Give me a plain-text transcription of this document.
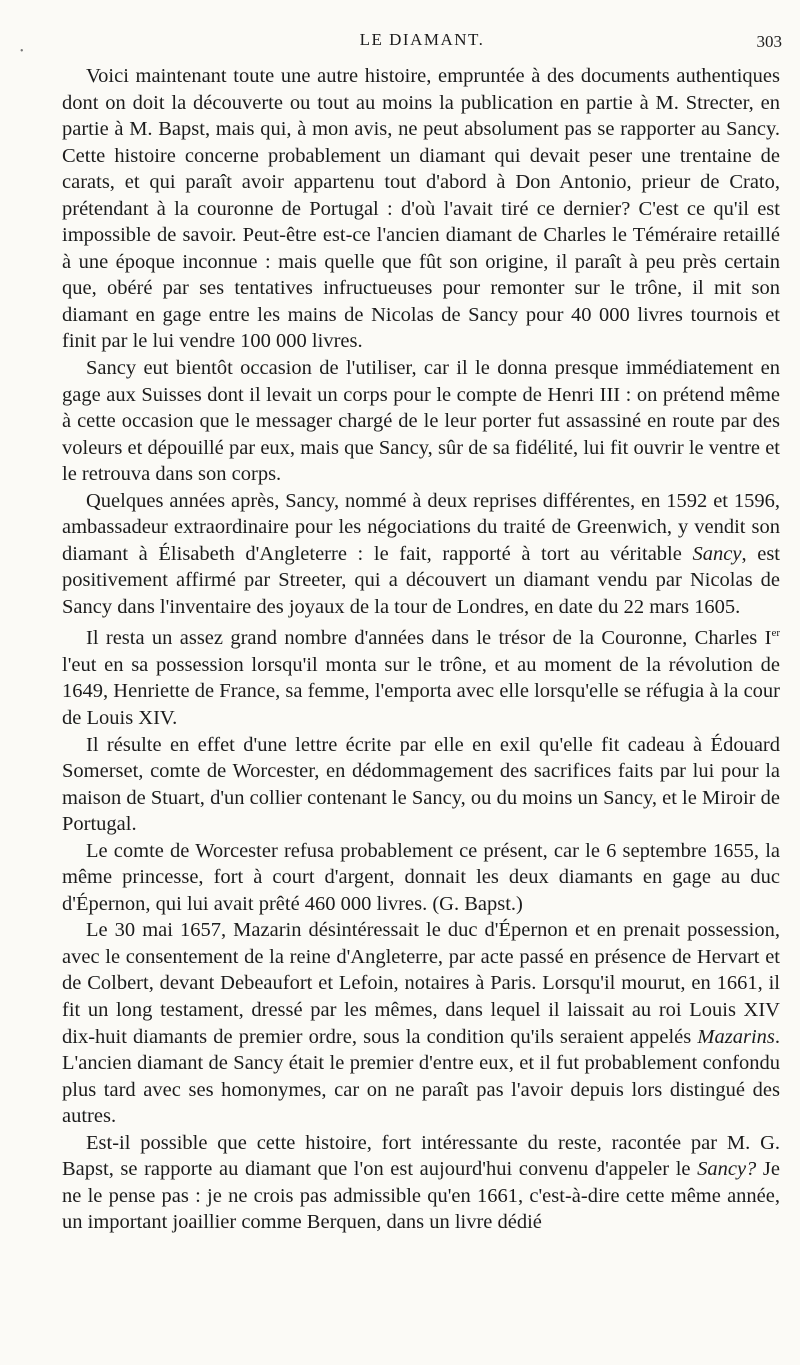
•
LE DIAMANT.	303

Voici maintenant toute une autre histoire, empruntée à des documents authentiques dont on doit la découverte ou tout au moins la publication en partie à M. Strecter, en partie à M. Bapst, mais qui, à mon avis, ne peut absolument pas se rapporter au Sancy. Cette histoire concerne probablement un diamant qui devait peser une trentaine de carats, et qui paraît avoir appartenu tout d'abord à Don Antonio, prieur de Crato, prétendant à la couronne de Portugal : d'où l'avait tiré ce dernier? C'est ce qu'il est impossible de savoir. Peut-être est-ce l'ancien diamant de Charles le Téméraire retaillé à une époque inconnue : mais quelle que fût son origine, il paraît à peu près certain que, obéré par ses tentatives infructueuses pour remonter sur le trône, il mit son diamant en gage entre les mains de Nicolas de Sancy pour 40 000 livres tournois et finit par le lui vendre 100 000 livres.

Sancy eut bientôt occasion de l'utiliser, car il le donna presque immédiatement en gage aux Suisses dont il levait un corps pour le compte de Henri III : on prétend même à cette occasion que le messager chargé de le leur porter fut assassiné en route par des voleurs et dépouillé par eux, mais que Sancy, sûr de sa fidélité, lui fit ouvrir le ventre et le retrouva dans son corps.

Quelques années après, Sancy, nommé à deux reprises différentes, en 1592 et 1596, ambassadeur extraordinaire pour les négociations du traité de Greenwich, y vendit son diamant à Élisabeth d'Angleterre : le fait, rapporté à tort au véritable Sancy, est positivement affirmé par Streeter, qui a découvert un diamant vendu par Nicolas de Sancy dans l'inventaire des joyaux de la tour de Londres, en date du 22 mars 1605.

Il resta un assez grand nombre d'années dans le trésor de la Couronne, Charles Ier l'eut en sa possession lorsqu'il monta sur le trône, et au moment de la révolution de 1649, Henriette de France, sa femme, l'emporta avec elle lorsqu'elle se réfugia à la cour de Louis XIV.

Il résulte en effet d'une lettre écrite par elle en exil qu'elle fit cadeau à Édouard Somerset, comte de Worcester, en dédommagement des sacrifices faits par lui pour la maison de Stuart, d'un collier contenant le Sancy, ou du moins un Sancy, et le Miroir de Portugal.

Le comte de Worcester refusa probablement ce présent, car le 6 septembre 1655, la même princesse, fort à court d'argent, donnait les deux diamants en gage au duc d'Épernon, qui lui avait prêté 460 000 livres. (G. Bapst.)

Le 30 mai 1657, Mazarin désintéressait le duc d'Épernon et en prenait possession, avec le consentement de la reine d'Angleterre, par acte passé en présence de Hervart et de Colbert, devant Debeaufort et Lefoin, notaires à Paris. Lorsqu'il mourut, en 1661, il fit un long testament, dressé par les mêmes, dans lequel il laissait au roi Louis XIV dix-huit diamants de premier ordre, sous la condition qu'ils seraient appelés Mazarins. L'ancien diamant de Sancy était le premier d'entre eux, et il fut probablement confondu plus tard avec ses homonymes, car on ne paraît pas l'avoir depuis lors distingué des autres.

Est-il possible que cette histoire, fort intéressante du reste, racontée par M. G. Bapst, se rapporte au diamant que l'on est aujourd'hui convenu d'appeler le Sancy? Je ne le pense pas : je ne crois pas admissible qu'en 1661, c'est-à-dire cette même année, un important joaillier comme Berquen, dans un livre dédié
